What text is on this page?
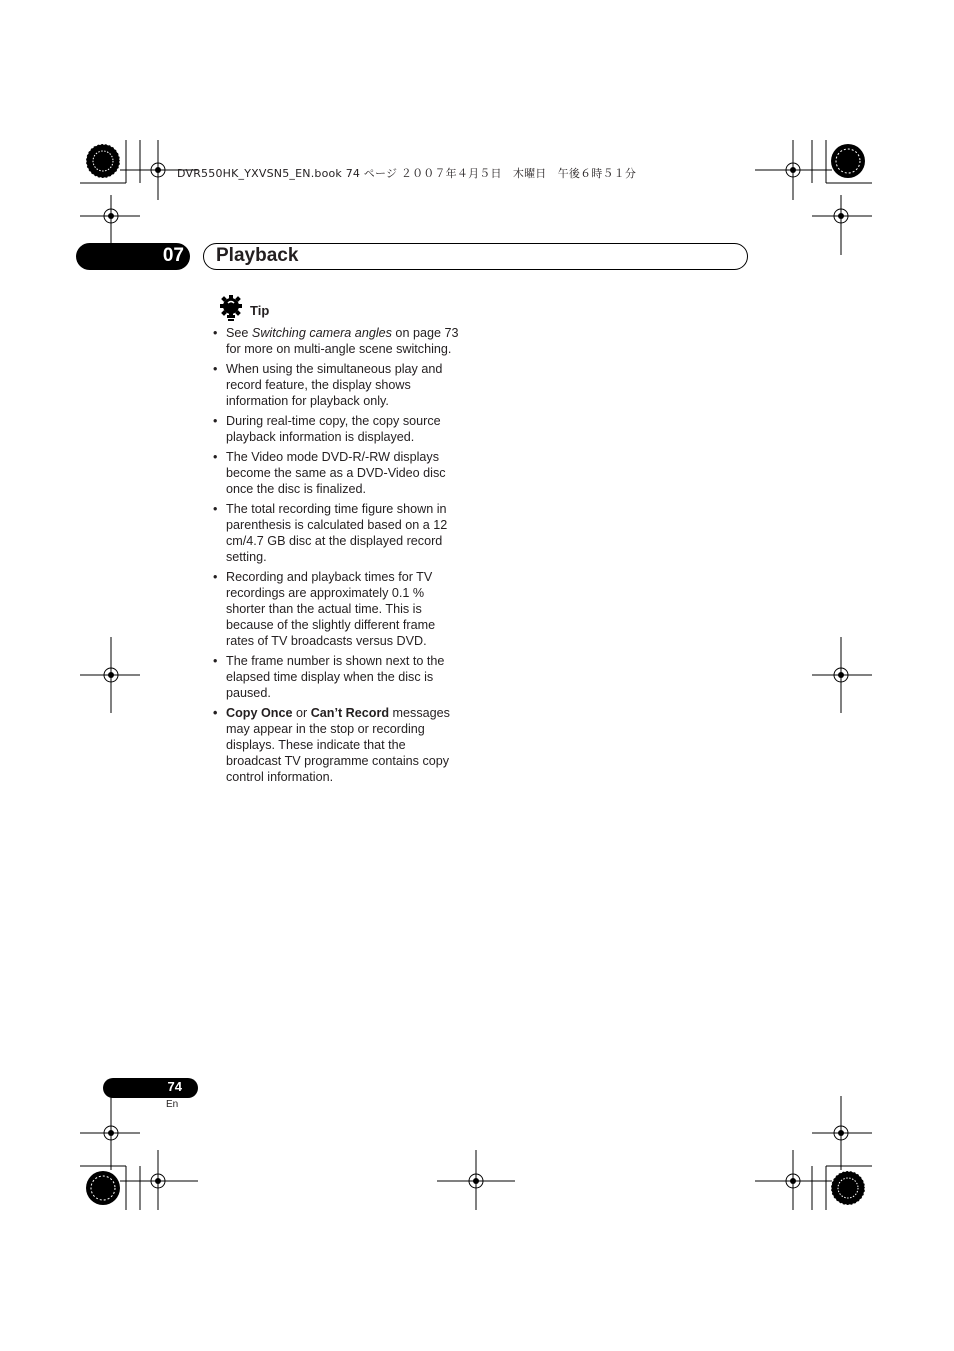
DVR550HK_YXVSN5_EN.book 74 ページ ２００７年４月５日　木曜日　午後６時５１分
07 Playback
Tip
• See Switching camera angles on page 73 for more on multi-angle scene switching.
• When using the simultaneous play and record feature, the display shows information for playback only.
• During real-time copy, the copy source playback information is displayed.
• The Video mode DVD-R/-RW displays become the same as a DVD-Video disc once the disc is finalized.
• The total recording time figure shown in parenthesis is calculated based on a 12 cm/4.7 GB disc at the displayed record setting.
• Recording and playback times for TV recordings are approximately 0.1 % shorter than the actual time. This is because of the slightly different frame rates of TV broadcasts versus DVD.
• The frame number is shown next to the elapsed time display when the disc is paused.
• Copy Once or Can’t Record messages may appear in the stop or recording displays. These indicate that the broadcast TV programme contains copy control information.
74
En
